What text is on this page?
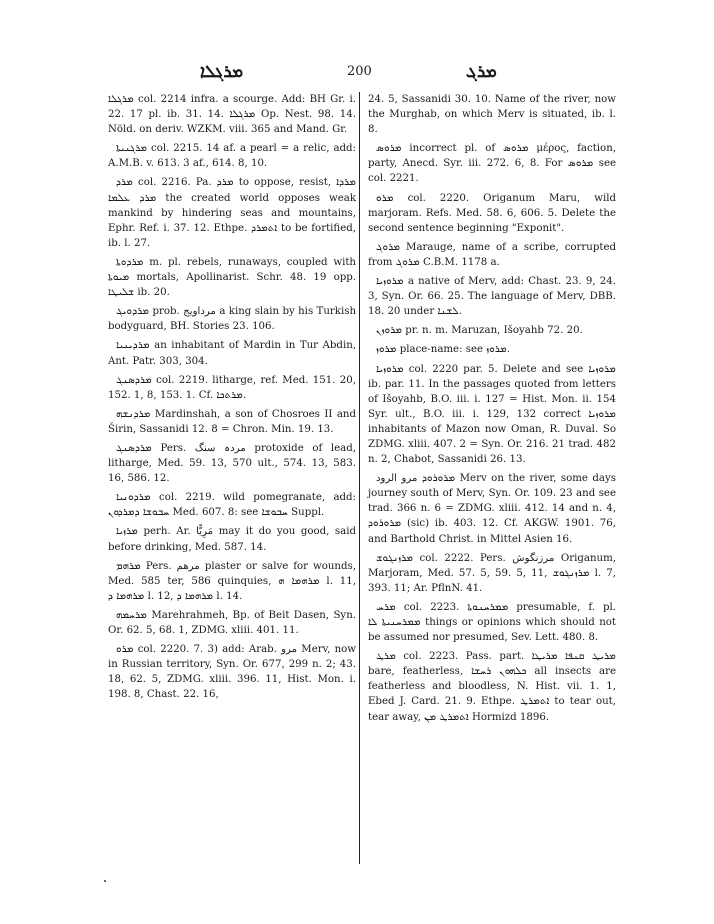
ܡܪܓܠܐ	200	ܡܪܓ

ܡܪܓܠܐ col. 2214 infra. a scourge. Add: BH Gr. i. 22. 17 pl. ib. 31. 14. ܡܪܓܠܐ Op. Nest. 98. 14. Nöld. on deriv. WZKM. viii. 365 and Mand. Gr.

ܡܪܓܢܝܬܐ col. 2215. 14 af. a pearl = a relic, add: A.M.B. v. 613. 3 af., 614. 8, 10.

ܡܪܕ col. 2216. Pa. ܡܪܕ to oppose, resist, ܡܪܕܐ ܡܪܕ ܥܠܡܐ the created world opposes weak mankind by hindering seas and mountains, Ephr. Ref. i. 37. 12. Ethpe. ܐܬܡܪܕ to be fortified, ib. l. 27.

ܡܪܕܘܬܐ m. pl. rebels, runaways, coupled with ܡܝܘܬܐ mortals, Apollinarist. Schr. 48. 19 opp. ܫܠܝܛܐ ib. 20.

ܡܪܕܘܝܓ prob. مرداويج a king slain by his Turkish bodyguard, BH. Stories 23. 106.

ܡܪܕܝܢܝܐ an inhabitant of Mardin in Tur Abdin, Ant. Patr. 303, 304.

ܡܪܕܣܢܓ col. 2219. litharge, ref. Med. 151. 20, 152. 1, 8, 153. 1. Cf. ܡܪܬܟܐ.

ܡܪܕܢܫܗ Mardinshah, a son of Chosroes II and Širin, Sassanidi 12. 8 = Chron. Min. 19. 13.

ܡܪܕܣܢܓ Pers. مردہ سنگ protoxide of lead, litharge, Med. 59. 13, 570 ult., 574. 13, 583. 16, 586. 12.

ܡܪܕܘܢܝܐ col. 2219. wild pomegranate, add: ܚܒܘܫܐ ܕܡܪܕܘܢ Med. 607. 8: see ܚܒܘܫܐ Suppl.

ܡܪܙܝܐ perh. Ar. مَرِيًّا may it do you good, said before drinking, Med. 587. 14.

ܡܪܗܡ Pers. مرهم plaster or salve for wounds, Med. 585 ter, 586 quinquies, ܡܪܗܡܐ ܗ l. 11, ܡܪܗܡܐ ܕ l. 12, ܡܪܗܡܐ ܕ l. 14.

ܡܪܚܡܗ Marehrahmeh, Bp. of Beit Dasen, Syn. Or. 62. 5, 68. 1, ZDMG. xliii. 401. 11.

ܡܪܘ col. 2220. 7. 3) add: Arab. مرو Merv, now in Russian territory, Syn. Or. 677, 299 n. 2; 43. 18, 62. 5, ZDMG. xliii. 396. 11, Hist. Mon. i. 198. 8, Chast. 22. 16,

24. 5, Sassanidi 30. 10. Name of the river, now the Murghab, on which Merv is situated, ib. l. 8.

ܡܪܘܣ incorrect pl. of ܡܪܘܣ μέρος, faction, party, Anecd. Syr. iii. 272. 6, 8. For ܡܪܘܣ see col. 2221.

ܡܪܘ col. 2220. Origanum Maru, wild marjoram. Refs. Med. 58. 6, 606. 5. Delete the second sentence beginning "Exponit".

ܡܪܘܓ Marauge, name of a scribe, corrupted from ܡܪܘܓ C.B.M. 1178 a.

ܡܪܘܙܝܐ a native of Merv, add: Chast. 23. 9, 24. 3, Syn. Or. 66. 25. The language of Merv, DBB. 18. 20 under ܠܫܢܐ.

ܡܪܘܙܢ pr. n. m. Maruzan, Išoyahb 72. 20.

ܡܪܘܙ place-name: see ܡܪܘܙ.

ܡܪܘܙܝܐ col. 2220 par. 5. Delete and see ܡܪܘܙܝܐ ib. par. 11. In the passages quoted from letters of Išoyahb, B.O. iii. i. 127 = Hist. Mon. ii. 154 Syr. ult., B.O. iii. i. 129, 132 correct ܡܪܘܙܝܐ inhabitants of Mazon now Oman, R. Duval. So ZDMG. xliii. 407. 2 = Syn. Or. 216. 21 trad. 482 n. 2, Chabot, Sassanidi 26. 13.

ܡܪܘܪܘܕ مرو الرود Merv on the river, some days journey south of Merv, Syn. Or. 109. 23 and see trad. 366 n. 6 = ZDMG. xliii. 412. 14 and n. 4, ܡܪܘܪܘܕ (sic) ib. 403. 12. Cf. AKGW. 1901. 76, and Barthold Christ. in Mittel Asien 16.

ܡܪܙܢܓܘܫ col. 2222. Pers. مرزنگوش Origanum, Marjoram, Med. 57. 5, 59. 5, 11, ܡܪܙܢܓܘܫ l. 7, 393. 11; Ar. PflnN. 41.

ܡܪܚ col. 2223. ܡܡܪܚܢܘܬܐ presumable, f. pl. ܡܡܪܚܢܝܬܐ ܠܐ things or opinions which should not be assumed nor presumed, Sev. Lett. 480. 8.

ܡܪܛ col. 2223. Pass. part. ܡܪܝܛ ܩܢܦܐ ܡܪܝܛܐ bare, featherless, ܟܠܗܘܢ ܪܚܫܐ all insects are featherless and bloodless, N. Hist. vii. 1. 1, Ebed J. Card. 21. 9. Ethpe. ܐܬܡܪܛ to tear out, tear away, ܐܬܡܪܛ ܡܢ Hormizd 1896.
